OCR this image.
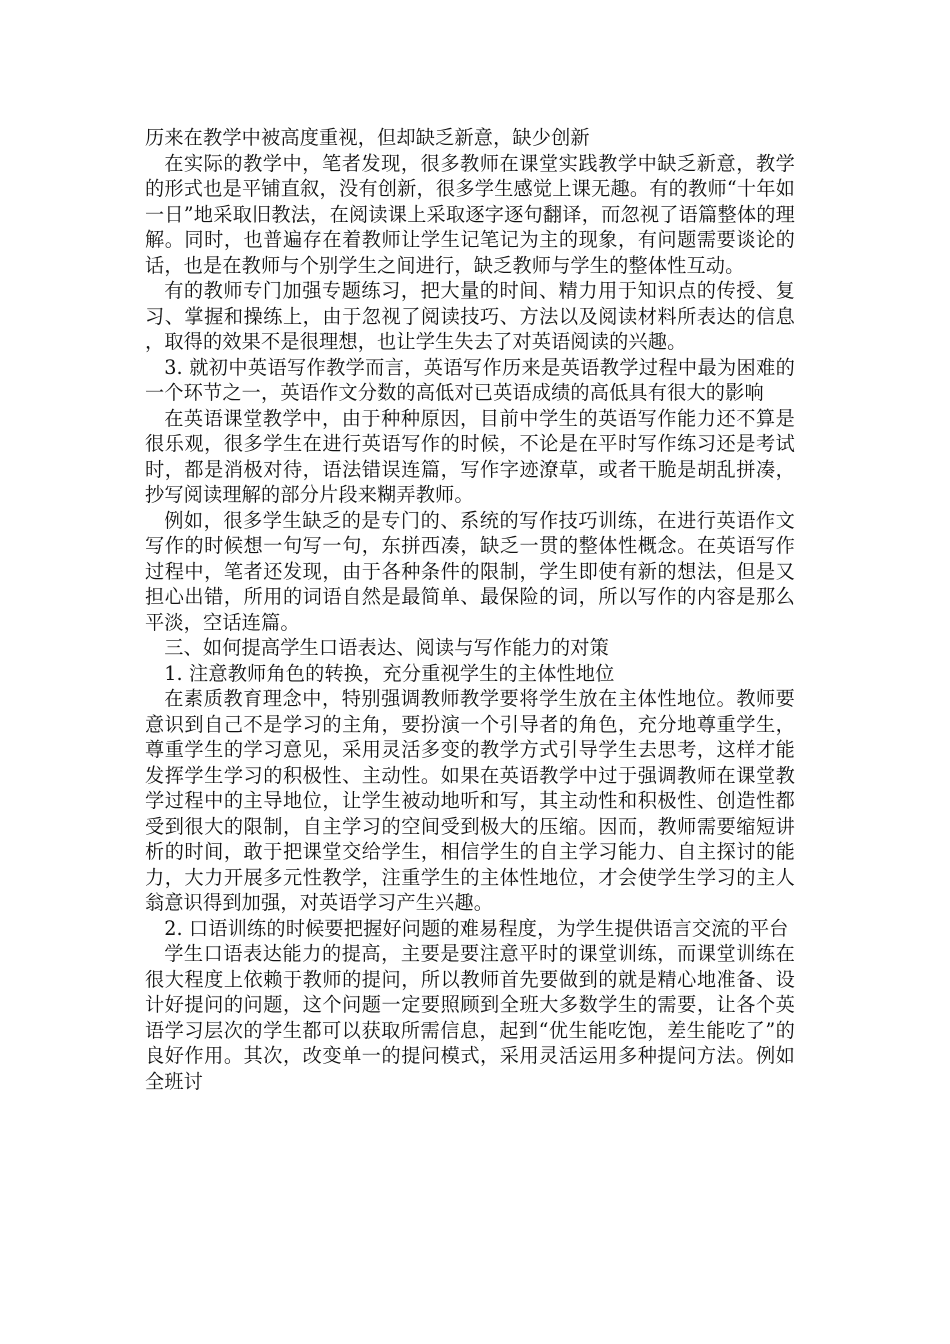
历来在教学中被高度重视，但却缺乏新意，缺少创新

在实际的教学中，笔者发现，很多教师在课堂实践教学中缺乏新意，教学的形式也是平铺直叙，没有创新，很多学生感觉上课无趣。有的教师“十年如一日”地采取旧教法，在阅读课上采取逐字逐句翻译，而忽视了语篇整体的理解。同时，也普遍存在着教师让学生记笔记为主的现象，有问题需要谈论的话，也是在教师与个别学生之间进行，缺乏教师与学生的整体性互动。

有的教师专门加强专题练习，把大量的时间、精力用于知识点的传授、复习、掌握和操练上，由于忽视了阅读技巧、方法以及阅读材料所表达的信息，取得的效果不是很理想，也让学生失去了对英语阅读的兴趣。

3. 就初中英语写作教学而言，英语写作历来是英语教学过程中最为困难的一个环节之一，英语作文分数的高低对已英语成绩的高低具有很大的影响

在英语课堂教学中，由于种种原因，目前中学生的英语写作能力还不算是很乐观，很多学生在进行英语写作的时候，不论是在平时写作练习还是考试时，都是消极对待，语法错误连篇，写作字迹潦草，或者干脆是胡乱拼凑，抄写阅读理解的部分片段来糊弄教师。

例如，很多学生缺乏的是专门的、系统的写作技巧训练，在进行英语作文写作的时候想一句写一句，东拼西凑，缺乏一贯的整体性概念。在英语写作过程中，笔者还发现，由于各种条件的限制，学生即使有新的想法，但是又担心出错，所用的词语自然是最简单、最保险的词，所以写作的内容是那么平淡，空话连篇。

三、如何提高学生口语表达、阅读与写作能力的对策

1. 注意教师角色的转换，充分重视学生的主体性地位

在素质教育理念中，特别强调教师教学要将学生放在主体性地位。教师要意识到自己不是学习的主角，要扮演一个引导者的角色，充分地尊重学生，尊重学生的学习意见，采用灵活多变的教学方式引导学生去思考，这样才能发挥学生学习的积极性、主动性。如果在英语教学中过于强调教师在课堂教学过程中的主导地位，让学生被动地听和写，其主动性和积极性、创造性都受到很大的限制，自主学习的空间受到极大的压缩。因而，教师需要缩短讲析的时间，敢于把课堂交给学生，相信学生的自主学习能力、自主探讨的能力，大力开展多元性教学，注重学生的主体性地位，才会使学生学习的主人翁意识得到加强，对英语学习产生兴趣。

2. 口语训练的时候要把握好问题的难易程度，为学生提供语言交流的平台

学生口语表达能力的提高，主要是要注意平时的课堂训练，而课堂训练在很大程度上依赖于教师的提问，所以教师首先要做到的就是精心地准备、设计好提问的问题，这个问题一定要照顾到全班大多数学生的需要，让各个英语学习层次的学生都可以获取所需信息，起到“优生能吃饱，差生能吃了”的良好作用。其次，改变单一的提问模式，采用灵活运用多种提问方法。例如全班讨
